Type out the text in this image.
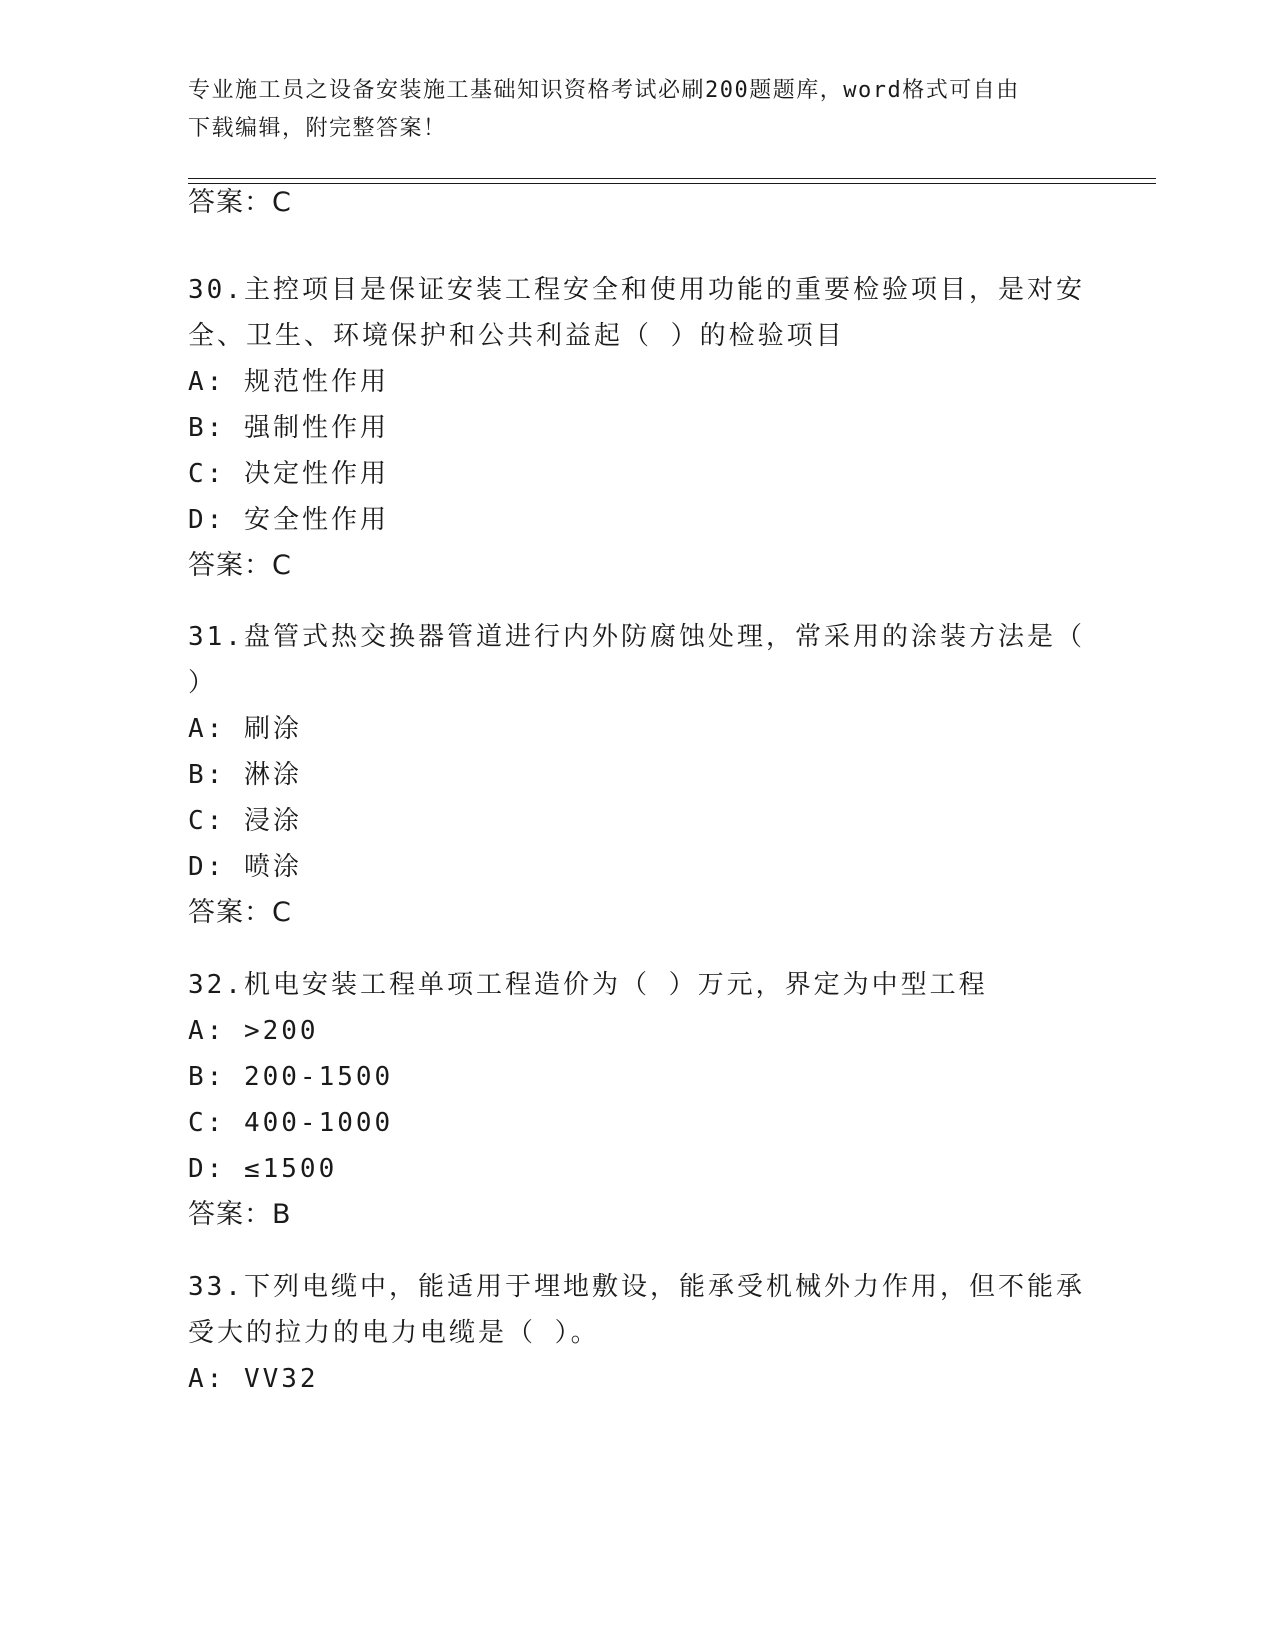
专业施工员之设备安装施工基础知识资格考试必刷200题题库，word格式可自由
下载编辑，附完整答案！
答案：C
30.主控项目是保证安装工程安全和使用功能的重要检验项目，是对安
全、卫生、环境保护和公共利益起（ ）的检验项目
A: 规范性作用
B: 强制性作用
C: 决定性作用
D: 安全性作用
答案：C
31.盘管式热交换器管道进行内外防腐蚀处理，常采用的涂装方法是（
）
A: 刷涂
B: 淋涂
C: 浸涂
D: 喷涂
答案：C
32.机电安装工程单项工程造价为（ ）万元，界定为中型工程
A: >200
B: 200-1500
C: 400-1000
D: ≤1500
答案：B
33.下列电缆中，能适用于埋地敷设，能承受机械外力作用，但不能承
受大的拉力的电力电缆是（ ）。
A: VV32
